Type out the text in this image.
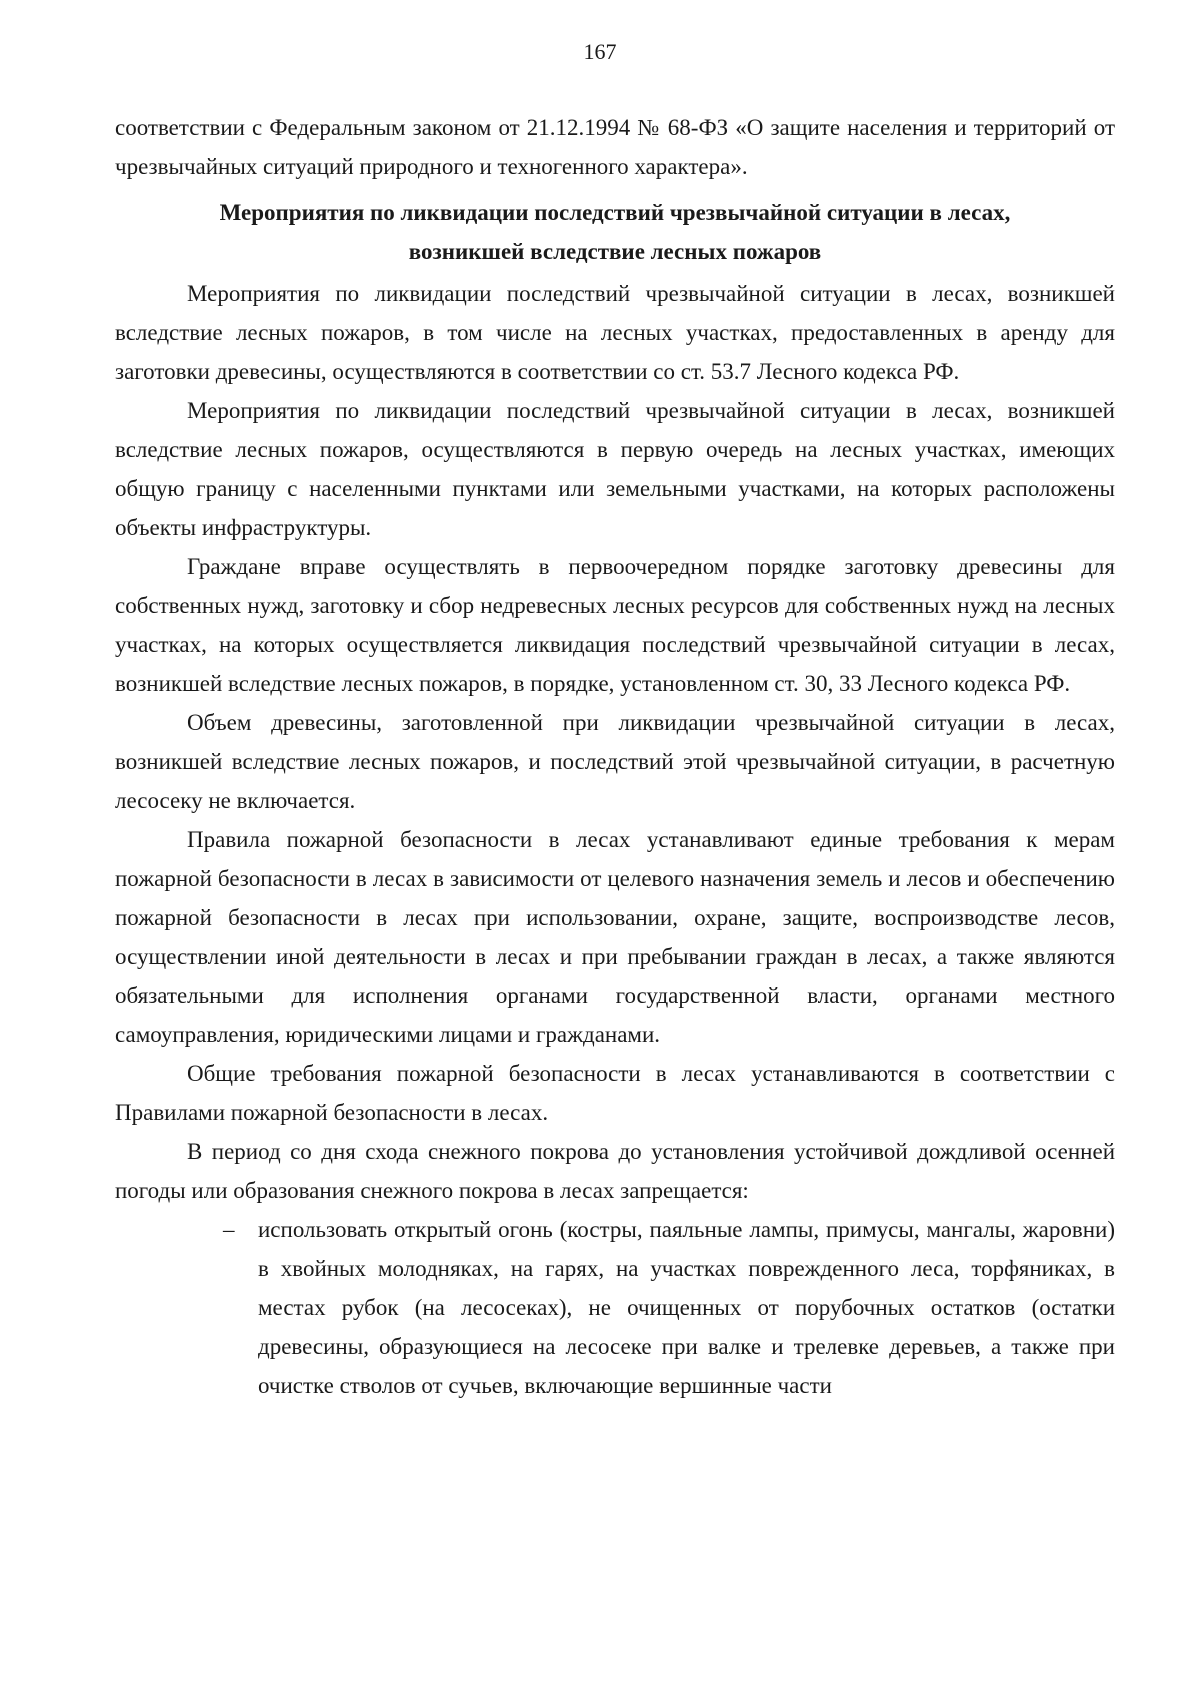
167

соответствии с Федеральным законом от 21.12.1994 № 68-ФЗ «О защите населения и территорий от чрезвычайных ситуаций природного и техногенного характера».

Мероприятия по ликвидации последствий чрезвычайной ситуации в лесах,
возникшей вследствие лесных пожаров

Мероприятия по ликвидации последствий чрезвычайной ситуации в лесах, возникшей вследствие лесных пожаров, в том числе на лесных участках, предоставленных в аренду для заготовки древесины, осуществляются в соответствии со ст. 53.7 Лесного кодекса РФ.

Мероприятия по ликвидации последствий чрезвычайной ситуации в лесах, возникшей вследствие лесных пожаров, осуществляются в первую очередь на лесных участках, имеющих общую границу с населенными пунктами или земельными участками, на которых расположены объекты инфраструктуры.

Граждане вправе осуществлять в первоочередном порядке заготовку древесины для собственных нужд, заготовку и сбор недревесных лесных ресурсов для собственных нужд на лесных участках, на которых осуществляется ликвидация последствий чрезвычайной ситуации в лесах, возникшей вследствие лесных пожаров, в порядке, установленном ст. 30, 33 Лесного кодекса РФ.

Объем древесины, заготовленной при ликвидации чрезвычайной ситуации в лесах, возникшей вследствие лесных пожаров, и последствий этой чрезвычайной ситуации, в расчетную лесосеку не включается.

Правила пожарной безопасности в лесах устанавливают единые требования к мерам пожарной безопасности в лесах в зависимости от целевого назначения земель и лесов и обеспечению пожарной безопасности в лесах при использовании, охране, защите, воспроизводстве лесов, осуществлении иной деятельности в лесах и при пребывании граждан в лесах, а также являются обязательными для исполнения органами государственной власти, органами местного самоуправления, юридическими лицами и гражданами.

Общие требования пожарной безопасности в лесах устанавливаются в соответствии с Правилами пожарной безопасности в лесах.

В период со дня схода снежного покрова до установления устойчивой дождливой осенней погоды или образования снежного покрова в лесах запрещается:

– использовать открытый огонь (костры, паяльные лампы, примусы, мангалы, жаровни) в хвойных молодняках, на гарях, на участках поврежденного леса, торфяниках, в местах рубок (на лесосеках), не очищенных от порубочных остатков (остатки древесины, образующиеся на лесосеке при валке и трелевке деревьев, а также при очистке стволов от сучьев, включающие вершинные части
